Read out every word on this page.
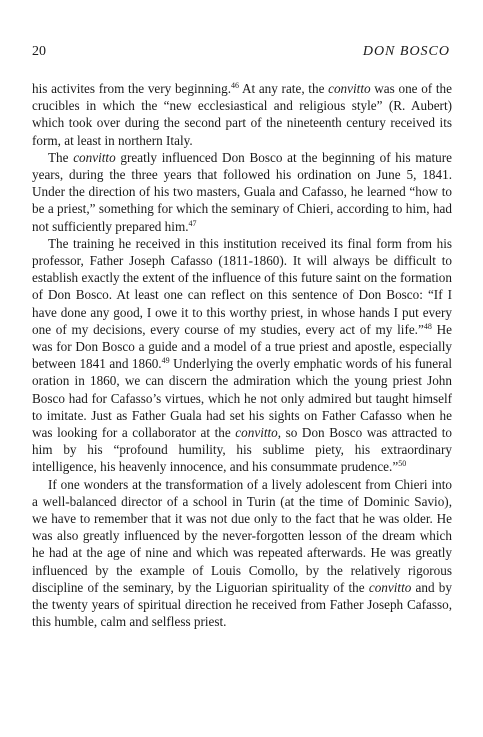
20	DON BOSCO

his activites from the very beginning.$^{46}$ At any rate, the convitto was one of the crucibles in which the “new ecclesiastical and religious style” (R. Aubert) which took over during the second part of the nineteenth century received its form, at least in northern Italy.

The convitto greatly influenced Don Bosco at the beginning of his mature years, during the three years that followed his ordination on June 5, 1841. Under the direction of his two masters, Guala and Cafasso, he learned “how to be a priest,” something for which the seminary of Chieri, according to him, had not sufficiently prepared him.$^{47}$

The training he received in this institution received its final form from his professor, Father Joseph Cafasso (1811-1860). It will always be difficult to establish exactly the extent of the influence of this future saint on the formation of Don Bosco. At least one can reflect on this sentence of Don Bosco: “If I have done any good, I owe it to this worthy priest, in whose hands I put every one of my decisions, every course of my studies, every act of my life.”$^{48}$ He was for Don Bosco a guide and a model of a true priest and apostle, especially between 1841 and 1860.49 Underlying the overly emphatic words of his funeral oration in 1860, we can discern the admiration which the young priest John Bosco had for Cafasso’s virtues, which he not only admired but taught himself to imitate. Just as Father Guala had set his sights on Father Cafasso when he was looking for a collaborator at the convitto, so Don Bosco was attracted to him by his “profound humility, his sublime piety, his extraordinary intelligence, his heavenly innocence, and his consummate prudence.”$^{50}$

If one wonders at the transformation of a lively adolescent from Chieri into a well-balanced director of a school in Turin (at the time of Dominic Savio), we have to remember that it was not due only to the fact that he was older. He was also greatly influenced by the never-forgotten lesson of the dream which he had at the age of nine and which was repeated afterwards. He was greatly influenced by the example of Louis Comollo, by the relatively rigorous discipline of the seminary, by the Liguorian spirituality of the convitto and by the twenty years of spiritual direction he received from Father Joseph Cafasso, this humble, calm and selfless priest.
